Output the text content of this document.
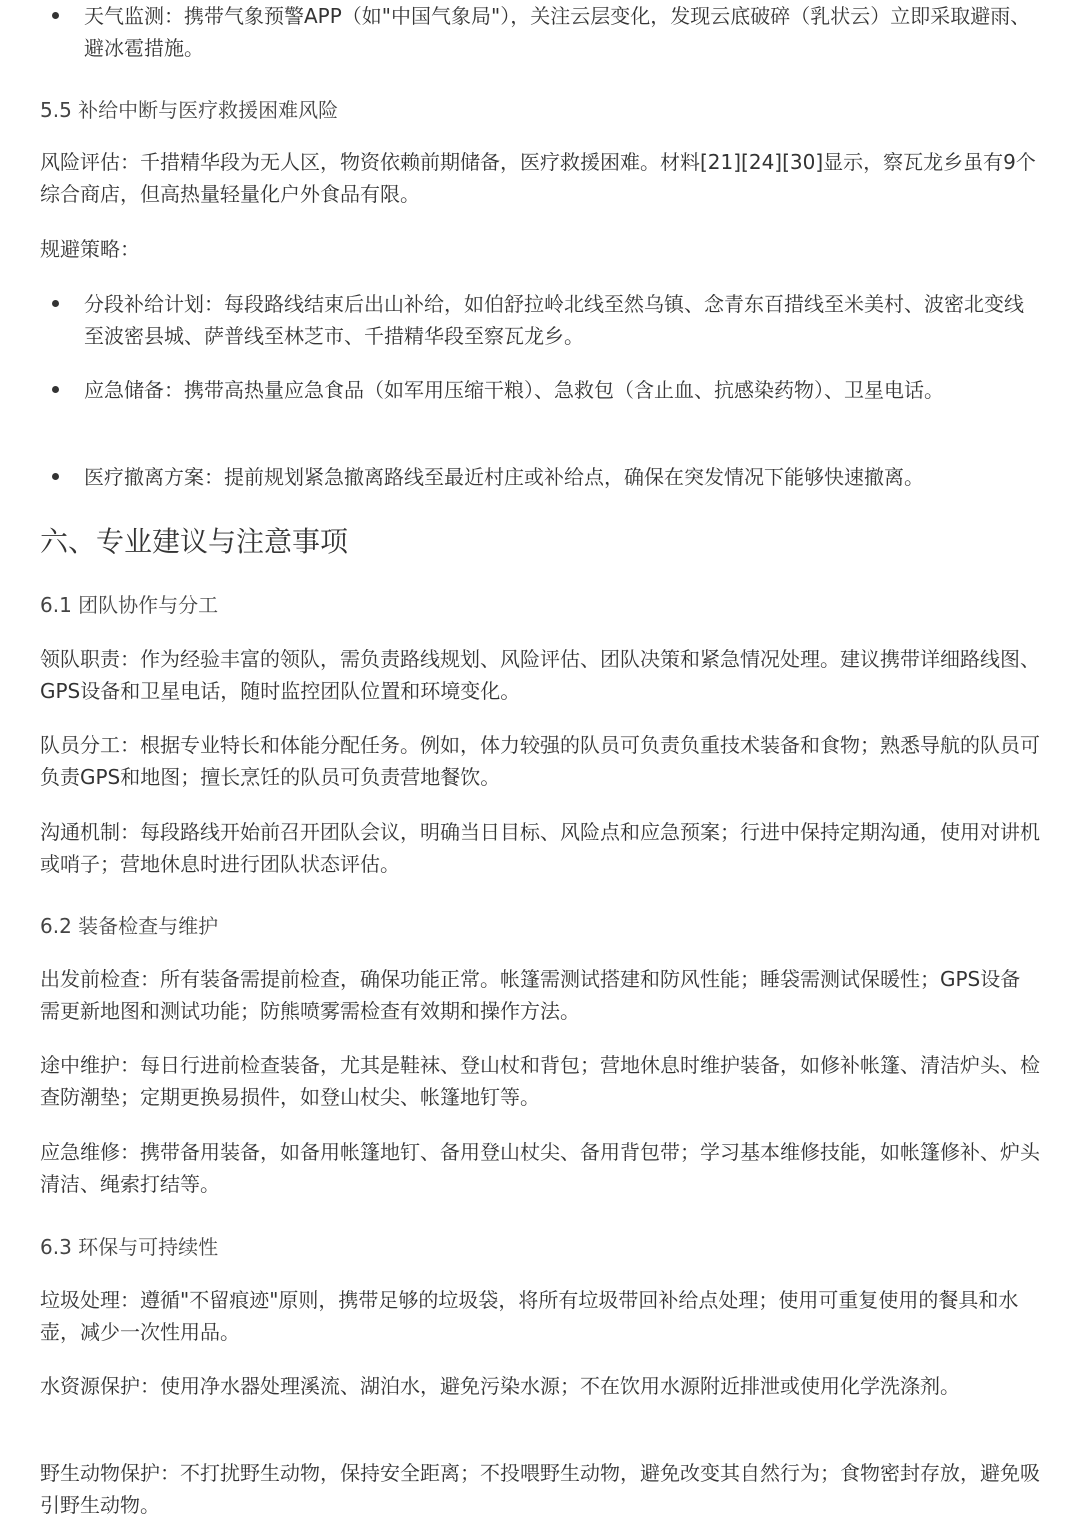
天气监测：携带气象预警APP（如"中国气象局"），关注云层变化，发现云底破碎（乳状云）立即采取避雨、避冰雹措施。

5.5 补给中断与医疗救援困难风险

风险评估：千措精华段为无人区，物资依赖前期储备，医疗救援困难。材料[21][24][30]显示，察瓦龙乡虽有9个综合商店，但高热量轻量化户外食品有限。

规避策略：

分段补给计划：每段路线结束后出山补给，如伯舒拉岭北线至然乌镇、念青东百措线至米美村、波密北变线至波密县城、萨普线至林芝市、千措精华段至察瓦龙乡。
应急储备：携带高热量应急食品（如军用压缩干粮）、急救包（含止血、抗感染药物）、卫星电话。
医疗撤离方案：提前规划紧急撤离路线至最近村庄或补给点，确保在突发情况下能够快速撤离。
六、专业建议与注意事项

6.1 团队协作与分工

领队职责：作为经验丰富的领队，需负责路线规划、风险评估、团队决策和紧急情况处理。建议携带详细路线图、GPS设备和卫星电话，随时监控团队位置和环境变化。

队员分工：根据专业特长和体能分配任务。例如，体力较强的队员可负责负重技术装备和食物；熟悉导航的队员可负责GPS和地图；擅长烹饪的队员可负责营地餐饮。

沟通机制：每段路线开始前召开团队会议，明确当日目标、风险点和应急预案；行进中保持定期沟通，使用对讲机或哨子；营地休息时进行团队状态评估。

6.2 装备检查与维护

出发前检查：所有装备需提前检查，确保功能正常。帐篷需测试搭建和防风性能；睡袋需测试保暖性；GPS设备需更新地图和测试功能；防熊喷雾需检查有效期和操作方法。

途中维护：每日行进前检查装备，尤其是鞋袜、登山杖和背包；营地休息时维护装备，如修补帐篷、清洁炉头、检查防潮垫；定期更换易损件，如登山杖尖、帐篷地钉等。

应急维修：携带备用装备，如备用帐篷地钉、备用登山杖尖、备用背包带；学习基本维修技能，如帐篷修补、炉头清洁、绳索打结等。

6.3 环保与可持续性

垃圾处理：遵循"不留痕迹"原则，携带足够的垃圾袋，将所有垃圾带回补给点处理；使用可重复使用的餐具和水壶，减少一次性用品。

水资源保护：使用净水器处理溪流、湖泊水，避免污染水源；不在饮用水源附近排泄或使用化学洗涤剂。

野生动物保护：不打扰野生动物，保持安全距离；不投喂野生动物，避免改变其自然行为；食物密封存放，避免吸引野生动物。
